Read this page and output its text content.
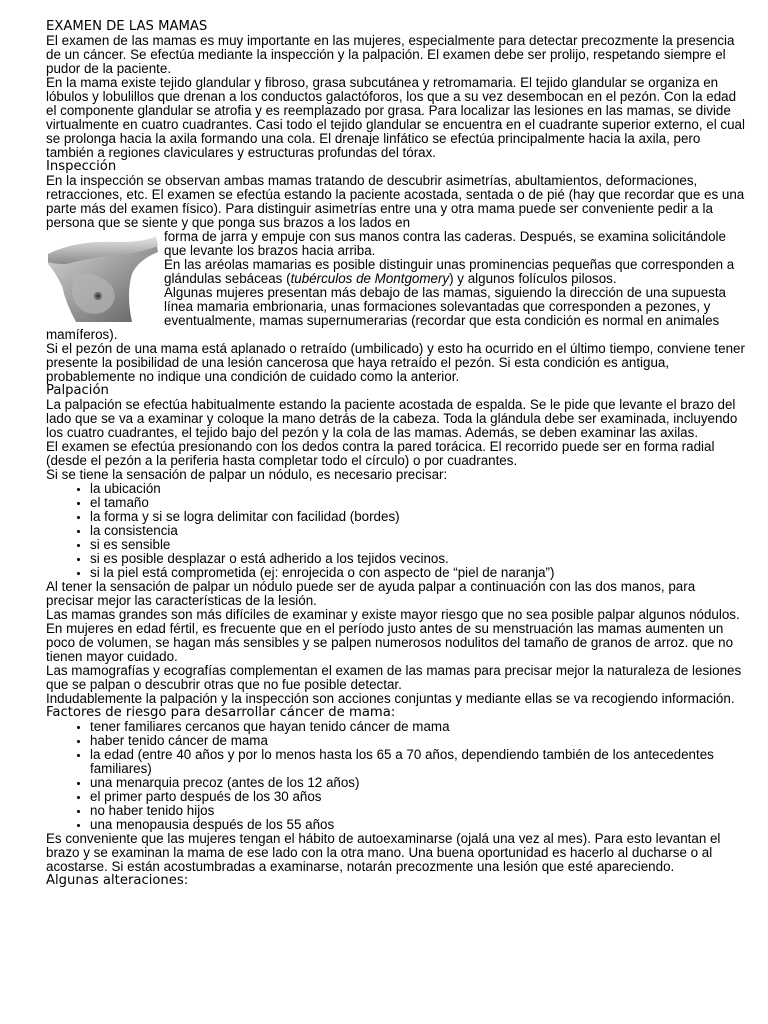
EXAMEN DE LAS MAMAS

El examen de las mamas es muy importante en las mujeres, especialmente para detectar precozmente la presencia de un cáncer. Se efectúa mediante la inspección y la palpación. El examen debe ser prolijo, respetando siempre el pudor de la paciente.

En la mama existe tejido glandular y fibroso, grasa subcutánea y retromamaria. El tejido glandular se organiza en lóbulos y lobulillos que drenan a los conductos galactóforos, los que a su vez desembocan en el pezón. Con la edad el componente glandular se atrofia y es reemplazado por grasa. Para localizar las lesiones en las mamas, se divide virtualmente en cuatro cuadrantes. Casi todo el tejido glandular se encuentra en el cuadrante superior externo, el cual se prolonga hacia la axila formando una cola. El drenaje linfático se efectúa principalmente hacia la axila, pero también a regiones claviculares y estructuras profundas del tórax.

Inspección

En la inspección se observan ambas mamas tratando de descubrir asimetrías, abultamientos, deformaciones, retracciones, etc. El examen se efectúa estando la paciente acostada, sentada o de pié (hay que recordar que es una parte más del examen físico). Para distinguir asimetrías entre una y otra mama puede ser conveniente pedir a la persona que se siente y que ponga sus brazos a los lados en

forma de jarra y empuje con sus manos contra las caderas. Después, se examina solicitándole que levante los brazos hacia arriba.

En las aréolas mamarias es posible distinguir unas prominencias pequeñas que corresponden a glándulas sebáceas (tubérculos de Montgomery) y algunos folículos pilosos.

Algunas mujeres presentan más debajo de las mamas, siguiendo la dirección de una supuesta línea mamaria embrionaria, unas formaciones solevantadas que corresponden a pezones, y eventualmente, mamas supernumerarias (recordar que esta condición es normal en animales mamíferos).

Si el pezón de una mama está aplanado o retraído (umbilicado) y esto ha ocurrido en el último tiempo, conviene tener presente la posibilidad de una lesión cancerosa que haya retraído el pezón. Si esta condición es antigua, probablemente no indique una condición de cuidado como la anterior.

Palpación

La palpación se efectúa habitualmente estando la paciente acostada de espalda. Se le pide que levante el brazo del lado que se va a examinar y coloque la mano detrás de la cabeza. Toda la glándula debe ser examinada, incluyendo los cuatro cuadrantes, el tejido bajo del pezón y la cola de las mamas. Además, se deben examinar las axilas.

El examen se efectúa presionando con los dedos contra la pared torácica. El recorrido puede ser en forma radial (desde el pezón a la periferia hasta completar todo el círculo) o por cuadrantes.

Si se tiene la sensación de palpar un nódulo, es necesario precisar:

• la ubicación
• el tamaño
• la forma y si se logra delimitar con facilidad (bordes)
• la consistencia
• si es sensible
• si es posible desplazar o está adherido a los tejidos vecinos.
• si la piel está comprometida (ej: enrojecida o con aspecto de “piel de naranja”)

Al tener la sensación de palpar un nódulo puede ser de ayuda palpar a continuación con las dos manos, para precisar mejor las características de la lesión.

Las mamas grandes son más difíciles de examinar y existe mayor riesgo que no sea posible palpar algunos nódulos.

En mujeres en edad fértil, es frecuente que en el período justo antes de su menstruación las mamas aumenten un poco de volumen, se hagan más sensibles y se palpen numerosos nodulitos del tamaño de granos de arroz. que no tienen mayor cuidado.

Las mamografías y ecografías complementan el examen de las mamas para precisar mejor la naturaleza de lesiones que se palpan o descubrir otras que no fue posible detectar.

Indudablemente la palpación y la inspección son acciones conjuntas y mediante ellas se va recogiendo información.

Factores de riesgo para desarrollar cáncer de mama:
• tener familiares cercanos que hayan tenido cáncer de mama
• haber tenido cáncer de mama
• la edad (entre 40 años y por lo menos hasta los 65 a 70 años, dependiendo también de los antecedentes familiares)
• una menarquia precoz (antes de los 12 años)
• el primer parto después de los 30 años
• no haber tenido hijos
• una menopausia después de los 55 años

Es conveniente que las mujeres tengan el hábito de autoexaminarse (ojalá una vez al mes). Para esto levantan el brazo y se examinan la mama de ese lado con la otra mano. Una buena oportunidad es hacerlo al ducharse o al acostarse. Si están acostumbradas a examinarse, notarán precozmente una lesión que esté apareciendo.

Algunas alteraciones:
